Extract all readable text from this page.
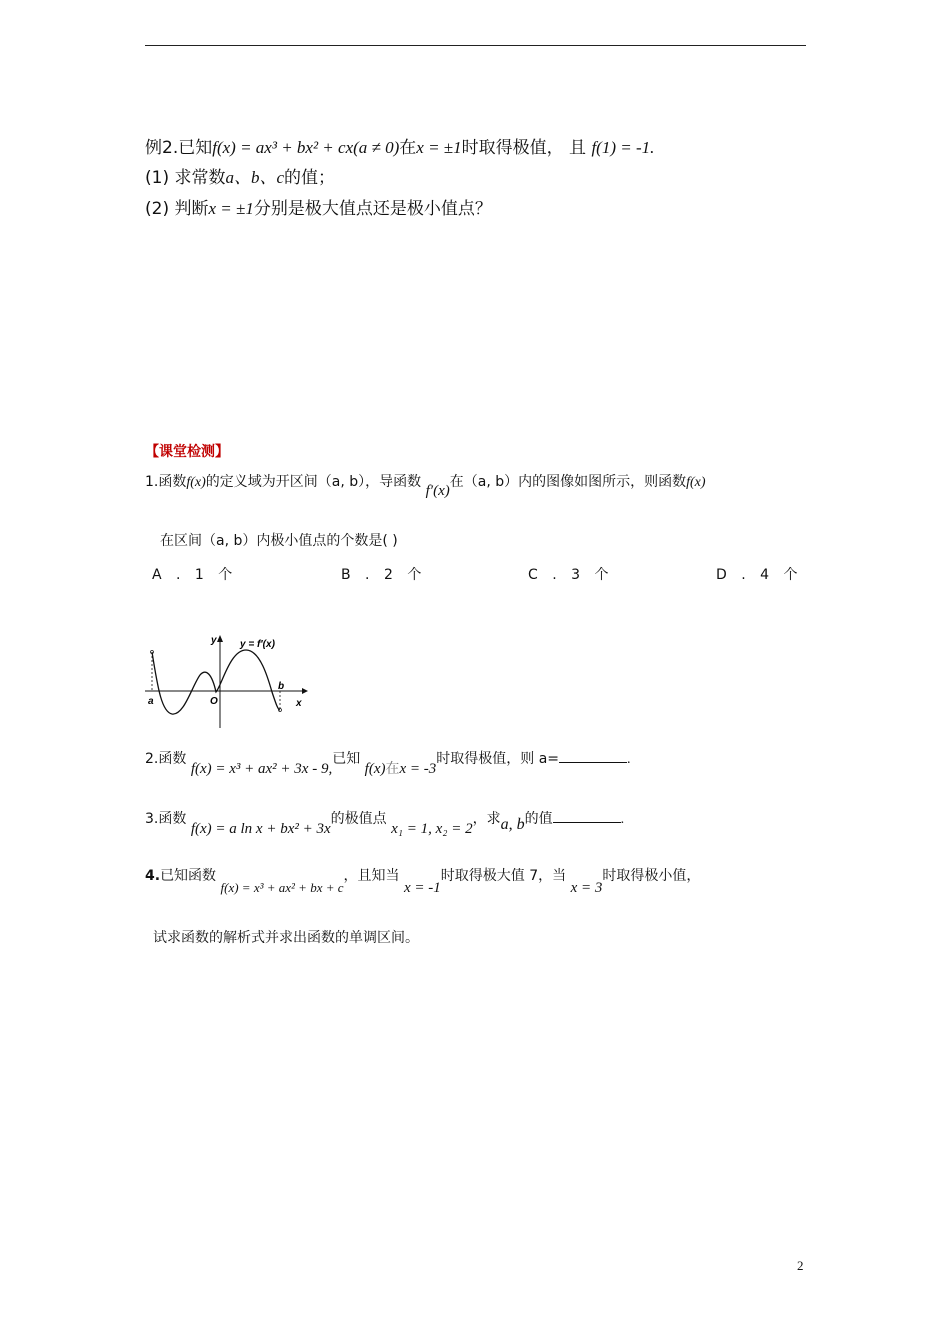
例2.已知f(x) = ax³ + bx² + cx(a ≠ 0)在x = ±1时取得极值， 且 f(1) = -1.
(1) 求常数a、b、c的值；
(2) 判断x = ±1分别是极大值点还是极小值点？
【课堂检测】
1.函数f(x)的定义域为开区间（a, b），导函数 f′(x)在（a, b）内的图像如图所示，则函数f(x)
在区间（a, b）内极小值点的个数是( )
A . 1 个	B . 2 个	C . 3 个	D . 4 个
y = f′(x)
y
x
O
a
b
2.函数 f(x) = x³ + ax² + 3x - 9,已知 f(x)在x = -3时取得极值，则 a=	.
3.函数 f(x) = a ln x + bx² + 3x的极值点 x₁ = 1, x₂ = 2，求a, b的值	.
4.已知函数 f(x) = x³ + ax² + bx + c，且知当 x = -1时取得极大值 7，当 x = 3时取得极小值，
试求函数的解析式并求出函数的单调区间。
2
